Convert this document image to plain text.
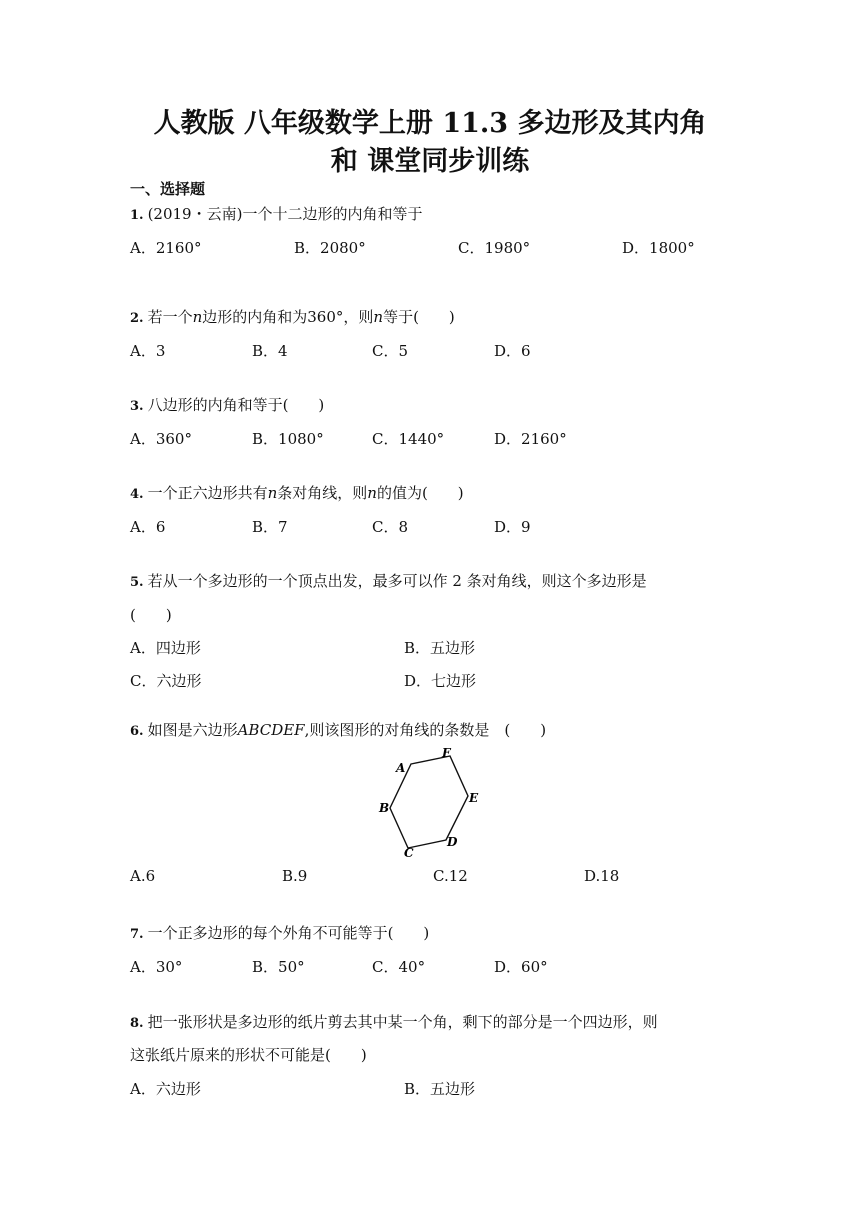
人教版 八年级数学上册 11.3 多边形及其内角
和 课堂同步训练
一、选择题
1. (2019・云南)一个十二边形的内角和等于
A．2160°	B．2080°	C．1980°	D．1800°
2. 若一个n边形的内角和为360°，则n等于(　　)
A．3	B．4	C．5	D．6
3. 八边形的内角和等于(　　)
A．360°	B．1080°	C．1440°	D．2160°
4. 一个正六边形共有n条对角线，则n的值为(　　)
A．6	B．7	C．8	D．9
5. 若从一个多边形的一个顶点出发，最多可以作 2 条对角线，则这个多边形是
(　　)
A．四边形	B．五边形
C．六边形	D．七边形
6. 如图是六边形ABCDEF,则该图形的对角线的条数是　(　　)
A
F
E
D
C
B
A.6	B.9	C.12	D.18
7. 一个正多边形的每个外角不可能等于(　　)
A．30°	B．50°	C．40°	D．60°
8. 把一张形状是多边形的纸片剪去其中某一个角，剩下的部分是一个四边形，则
这张纸片原来的形状不可能是(　　)
A．六边形	B．五边形
